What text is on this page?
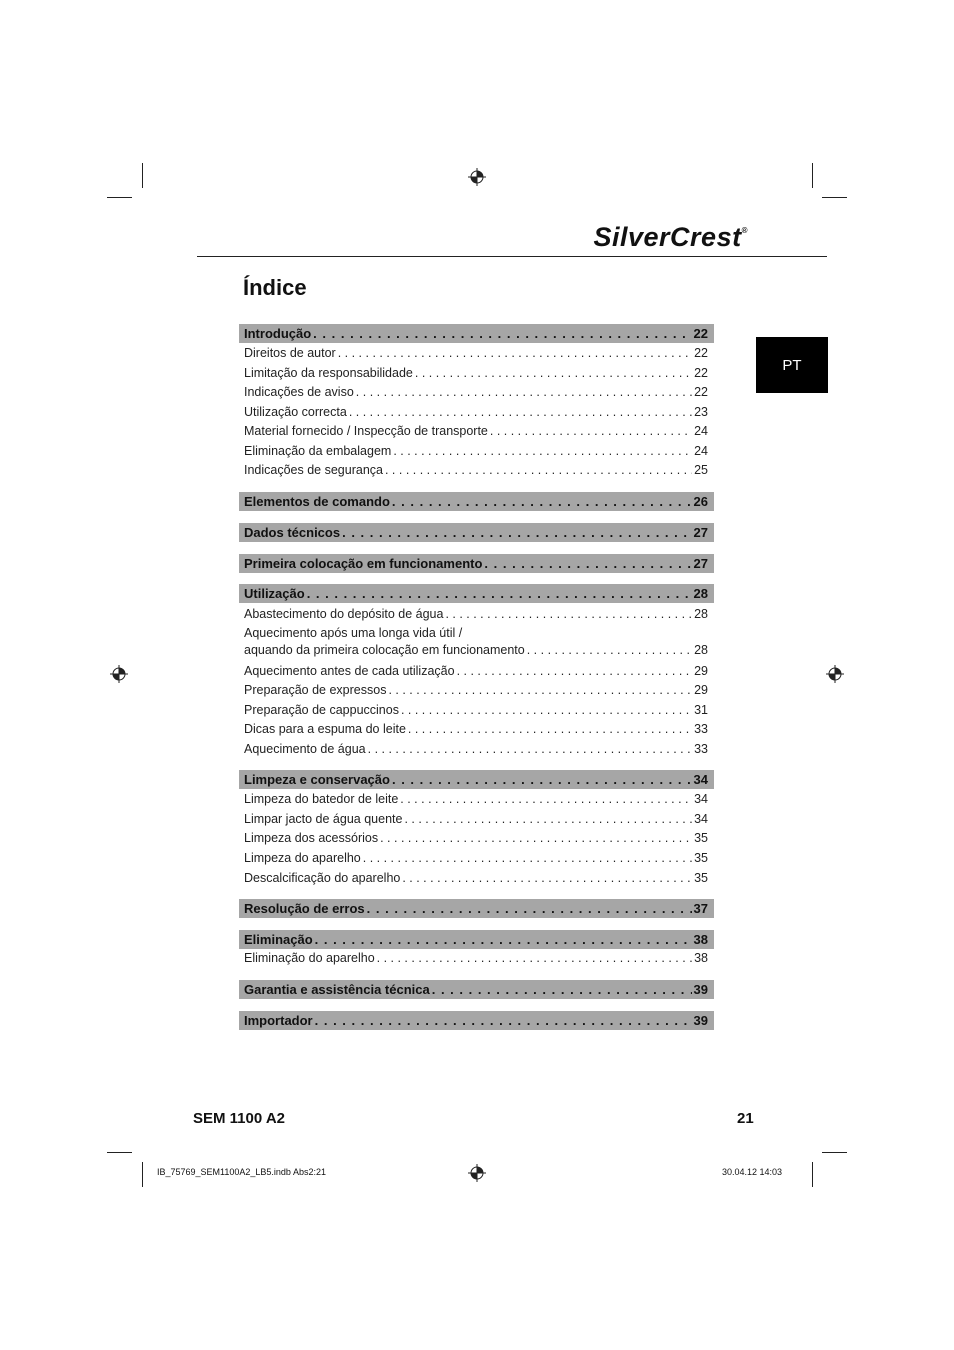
SilverCrest®
Índice
PT
Introdução . . .	22
Direitos de autor . . .	22
Limitação da responsabilidade . . .	22
Indicações de aviso . . .	22
Utilização correcta . . .	23
Material fornecido / Inspecção de transporte . . .	24
Eliminação da embalagem . . .	24
Indicações de segurança . . .	25
Elementos de comando . . .	26
Dados técnicos . . .	27
Primeira colocação em funcionamento . . .	27
Utilização . . .	28
Abastecimento do depósito de água . . .	28
Aquecimento após uma longa vida útil /
aquando da primeira colocação em funcionamento . . .	28
Aquecimento antes de cada utilização . . .	29
Preparação de expressos . . .	29
Preparação de cappuccinos . . .	31
Dicas para a espuma do leite . . .	33
Aquecimento de água . . .	33
Limpeza e conservação . . .	34
Limpeza do batedor de leite . . .	34
Limpar jacto de água quente . . .	34
Limpeza dos acessórios . . .	35
Limpeza do aparelho . . .	35
Descalcificação do aparelho . . .	35
Resolução de erros . . .	37
Eliminação . . .	38
Eliminação do aparelho . . .	38
Garantia e assistência técnica . . .	39
Importador . . .	39
SEM 1100 A2	21
IB_75769_SEM1100A2_LB5.indb Abs2:21	30.04.12 14:03
